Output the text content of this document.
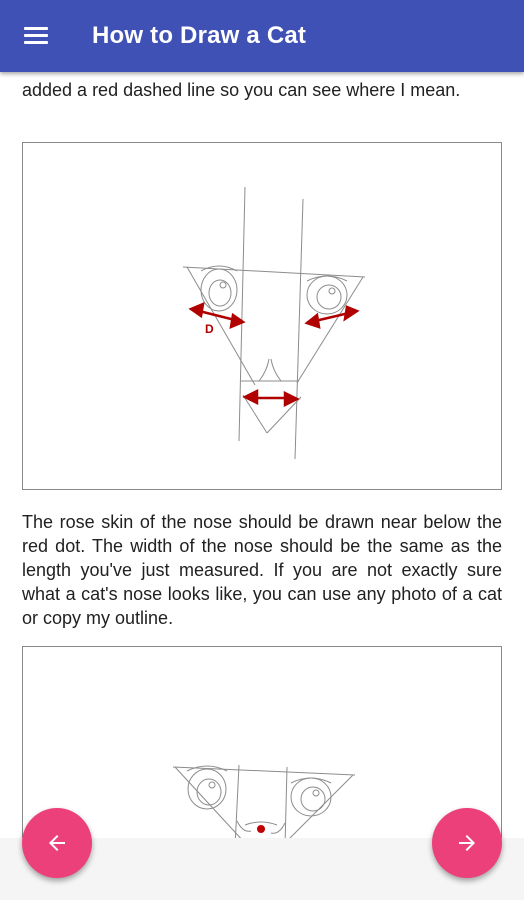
How to Draw a Cat

added a red dashed line so you can see where I mean.

D

The rose skin of the nose should be drawn near below the red dot. The width of the nose should be the same as the length you've just measured. If you are not exactly sure what a cat's nose looks like, you can use any photo of a cat or copy my outline.
